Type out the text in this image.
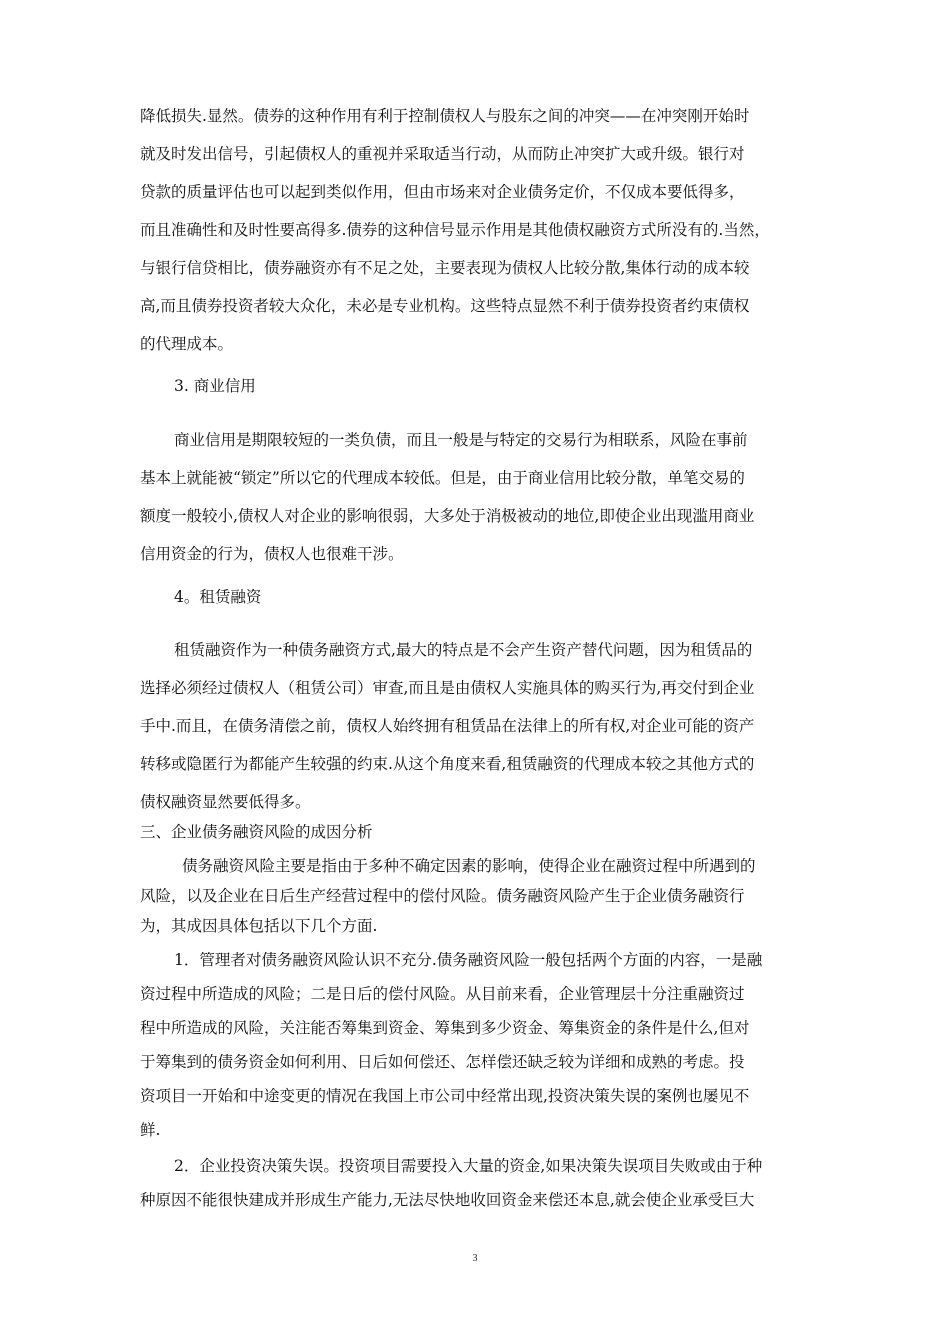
降低损失.显然。债券的这种作用有利于控制债权人与股东之间的冲突——在冲突刚开始时
就及时发出信号，引起债权人的重视并采取适当行动，从而防止冲突扩大或升级。银行对
贷款的质量评估也可以起到类似作用，但由市场来对企业债务定价，不仅成本要低得多，
而且准确性和及时性要高得多.债券的这种信号显示作用是其他债权融资方式所没有的.当然，
与银行信贷相比，债券融资亦有不足之处，主要表现为债权人比较分散,集体行动的成本较
高,而且债券投资者较大众化，未必是专业机构。这些特点显然不利于债券投资者约束债权
的代理成本。
3. 商业信用
商业信用是期限较短的一类负债，而且一般是与特定的交易行为相联系，风险在事前
基本上就能被“锁定”所以它的代理成本较低。但是，由于商业信用比较分散，单笔交易的
额度一般较小,债权人对企业的影响很弱，大多处于消极被动的地位,即使企业出现滥用商业
信用资金的行为，债权人也很难干涉。
4。租赁融资
租赁融资作为一种债务融资方式,最大的特点是不会产生资产替代问题，因为租赁品的
选择必须经过债权人（租赁公司）审查,而且是由债权人实施具体的购买行为,再交付到企业
手中.而且，在债务清偿之前，债权人始终拥有租赁品在法律上的所有权,对企业可能的资产
转移或隐匿行为都能产生较强的约束.从这个角度来看,租赁融资的代理成本较之其他方式的
债权融资显然要低得多。
三、企业债务融资风险的成因分析
债务融资风险主要是指由于多种不确定因素的影响，使得企业在融资过程中所遇到的
风险，以及企业在日后生产经营过程中的偿付风险。债务融资风险产生于企业债务融资行
为，其成因具体包括以下几个方面.
1．管理者对债务融资风险认识不充分.债务融资风险一般包括两个方面的内容，一是融
资过程中所造成的风险；二是日后的偿付风险。从目前来看，企业管理层十分注重融资过
程中所造成的风险，关注能否筹集到资金、筹集到多少资金、筹集资金的条件是什么,但对
于筹集到的债务资金如何利用、日后如何偿还、怎样偿还缺乏较为详细和成熟的考虑。投
资项目一开始和中途变更的情况在我国上市公司中经常出现,投资决策失误的案例也屡见不
鲜.
2．企业投资决策失误。投资项目需要投入大量的资金,如果决策失误项目失败或由于种
种原因不能很快建成并形成生产能力,无法尽快地收回资金来偿还本息,就会使企业承受巨大
3
